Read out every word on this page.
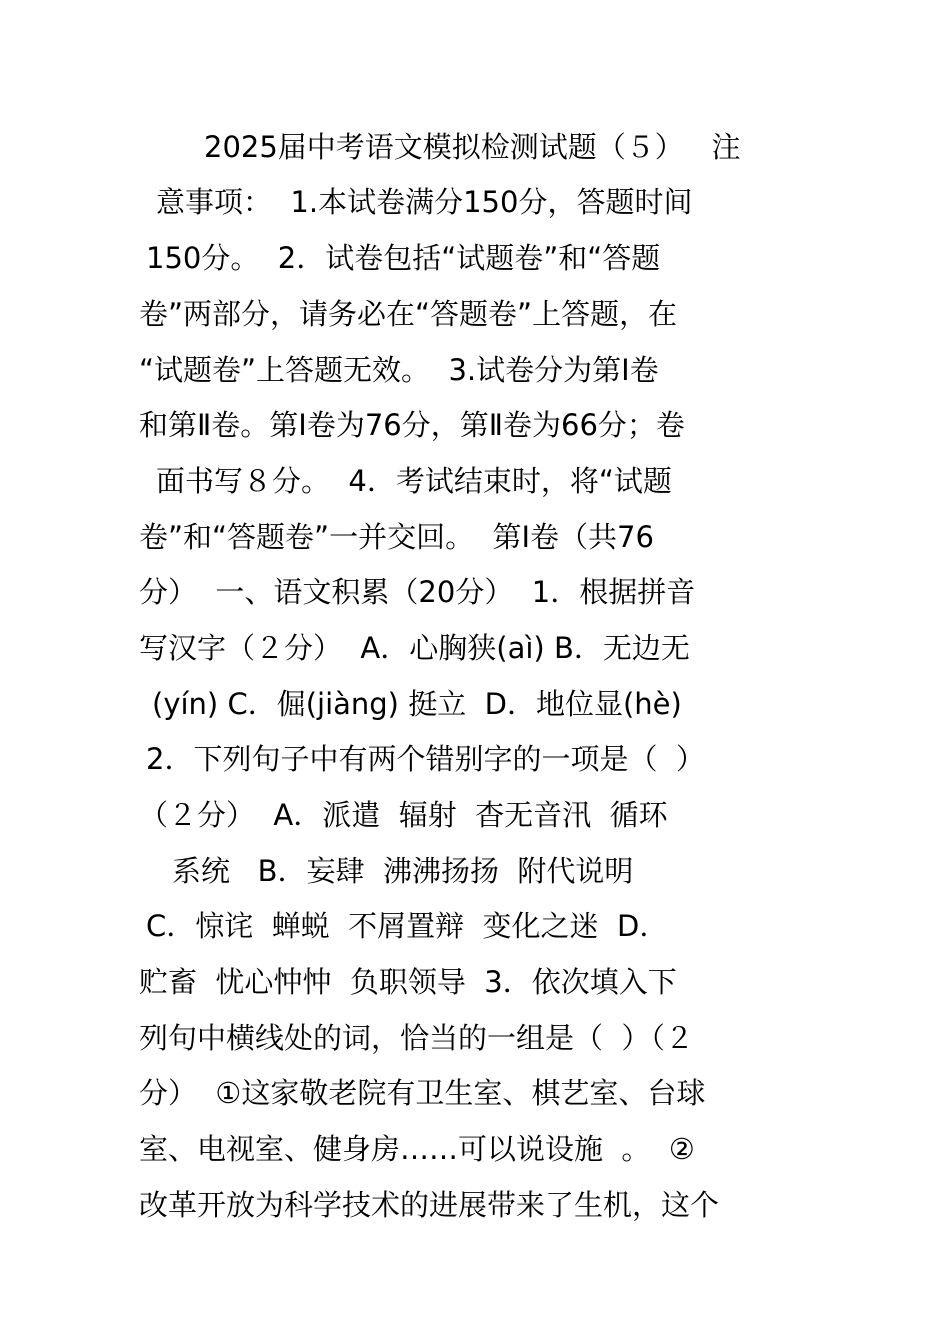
2025届中考语文模拟检测试题（５）   注
意事项：  1.本试卷满分150分，答题时间
150分。  2．试卷包括“试题卷”和“答题
卷”两部分，请务必在“答题卷”上答题，在
“试题卷”上答题无效。  3.试卷分为第Ⅰ卷
和第Ⅱ卷。第Ⅰ卷为76分，第Ⅱ卷为66分；卷
面书写８分。  4．考试结束时，将“试题
卷”和“答题卷”一并交回。  第Ⅰ卷（共76
分）  一、语文积累（20分）  1．根据拼音
写汉字（２分）  A．心胸狭(aì) B．无边无
(yín) C．倔(jiàng) 挺立  D．地位显(hè)
2．下列句子中有两个错别字的一项是（  ）
（２分）  A．派遣  辐射  杳无音汛  循环
系统   B．妄肆  沸沸扬扬  附代说明
C．惊诧  蝉蜕  不屑置辩  变化之迷  D．
贮畜  忧心忡忡  负职领导  3．依次填入下
列句中横线处的词，恰当的一组是（  ）（２
分）  ①这家敬老院有卫生室、棋艺室、台球
室、电视室、健身房……可以说设施  。  ②
改革开放为科学技术的进展带来了生机，这个
